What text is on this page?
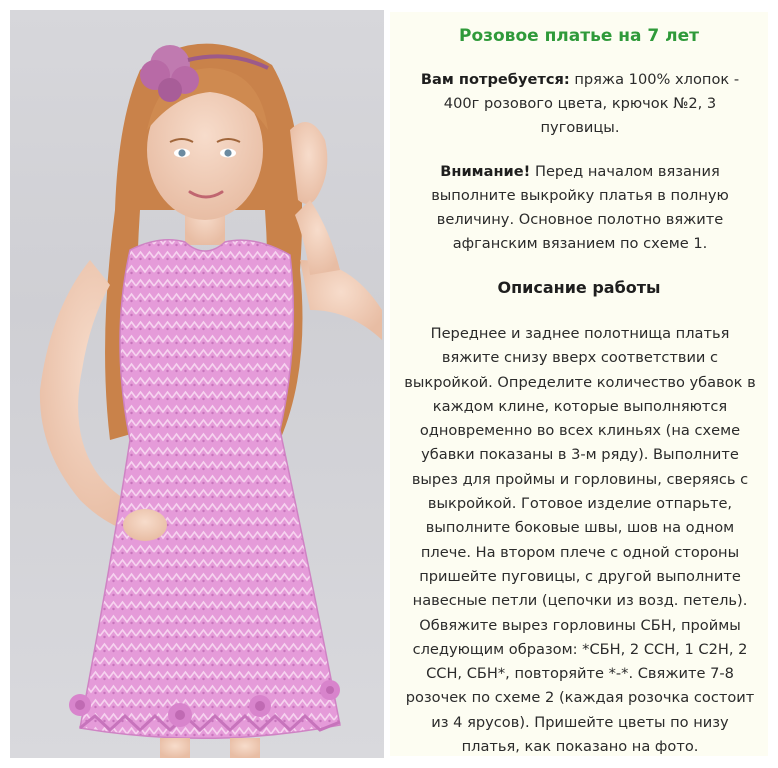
Розовое платье на 7 лет
Вам потребуется: пряжа 100% хлопок - 400г розового цвета, крючок №2, 3 пуговицы.
Внимание! Перед началом вязания выполните выкройку платья в полную величину. Основное полотно вяжите афганским вязанием по схеме 1.
Описание работы
Переднее и заднее полотнища платья вяжите снизу вверх соответствии с выкройкой. Определите количество убавок в каждом клине, которые выполняются одновременно во всех клиньях (на схеме убавки показаны в 3-м ряду). Выполните вырез для проймы и горловины, сверяясь с выкройкой. Готовое изделие отпарьте, выполните боковые швы, шов на одном плече. На втором плече с одной стороны пришейте пуговицы, с другой выполните навесные петли (цепочки из возд. петель). Обвяжите вырез горловины СБН, проймы следующим образом: *СБН, 2 ССН, 1 С2Н, 2 ССН, СБН*, повторяйте *-*. Свяжите 7-8 розочек по схеме 2 (каждая розочка состоит из 4 ярусов). Пришейте цветы по низу платья, как показано на фото.
